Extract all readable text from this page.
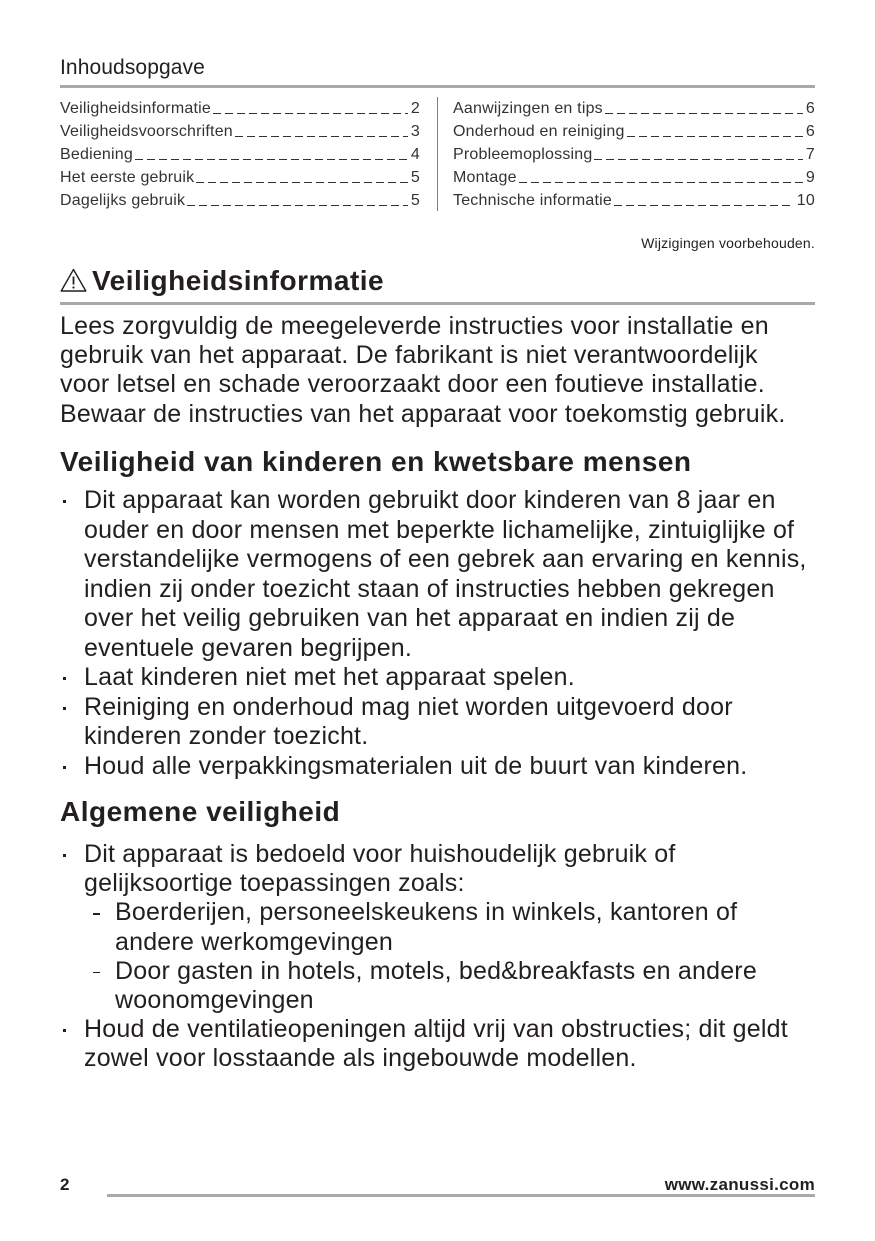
Inhoudsopgave
Veiligheidsinformatie	2
Veiligheidsvoorschriften	3
Bediening	4
Het eerste gebruik	5
Dagelijks gebruik	5
Aanwijzingen en tips	6
Onderhoud en reiniging	6
Probleemoplossing	7
Montage	9
Technische informatie	10
Wijzigingen voorbehouden.
Veiligheidsinformatie
Lees zorgvuldig de meegeleverde instructies voor installatie en
gebruik van het apparaat. De fabrikant is niet verantwoordelijk
voor letsel en schade veroorzaakt door een foutieve installatie.
Bewaar de instructies van het apparaat voor toekomstig gebruik.
Veiligheid van kinderen en kwetsbare mensen
Dit apparaat kan worden gebruikt door kinderen van 8 jaar en
ouder en door mensen met beperkte lichamelijke, zintuiglijke of
verstandelijke vermogens of een gebrek aan ervaring en kennis,
indien zij onder toezicht staan of instructies hebben gekregen
over het veilig gebruiken van het apparaat en indien zij de
eventuele gevaren begrijpen.
Laat kinderen niet met het apparaat spelen.
Reiniging en onderhoud mag niet worden uitgevoerd door
kinderen zonder toezicht.
Houd alle verpakkingsmaterialen uit de buurt van kinderen.
Algemene veiligheid
Dit apparaat is bedoeld voor huishoudelijk gebruik of
gelijksoortige toepassingen zoals:
Boerderijen, personeelskeukens in winkels, kantoren of
andere werkomgevingen
Door gasten in hotels, motels, bed&breakfasts en andere
woonomgevingen
Houd de ventilatieopeningen altijd vrij van obstructies; dit geldt
zowel voor losstaande als ingebouwde modellen.
2	www.zanussi.com
